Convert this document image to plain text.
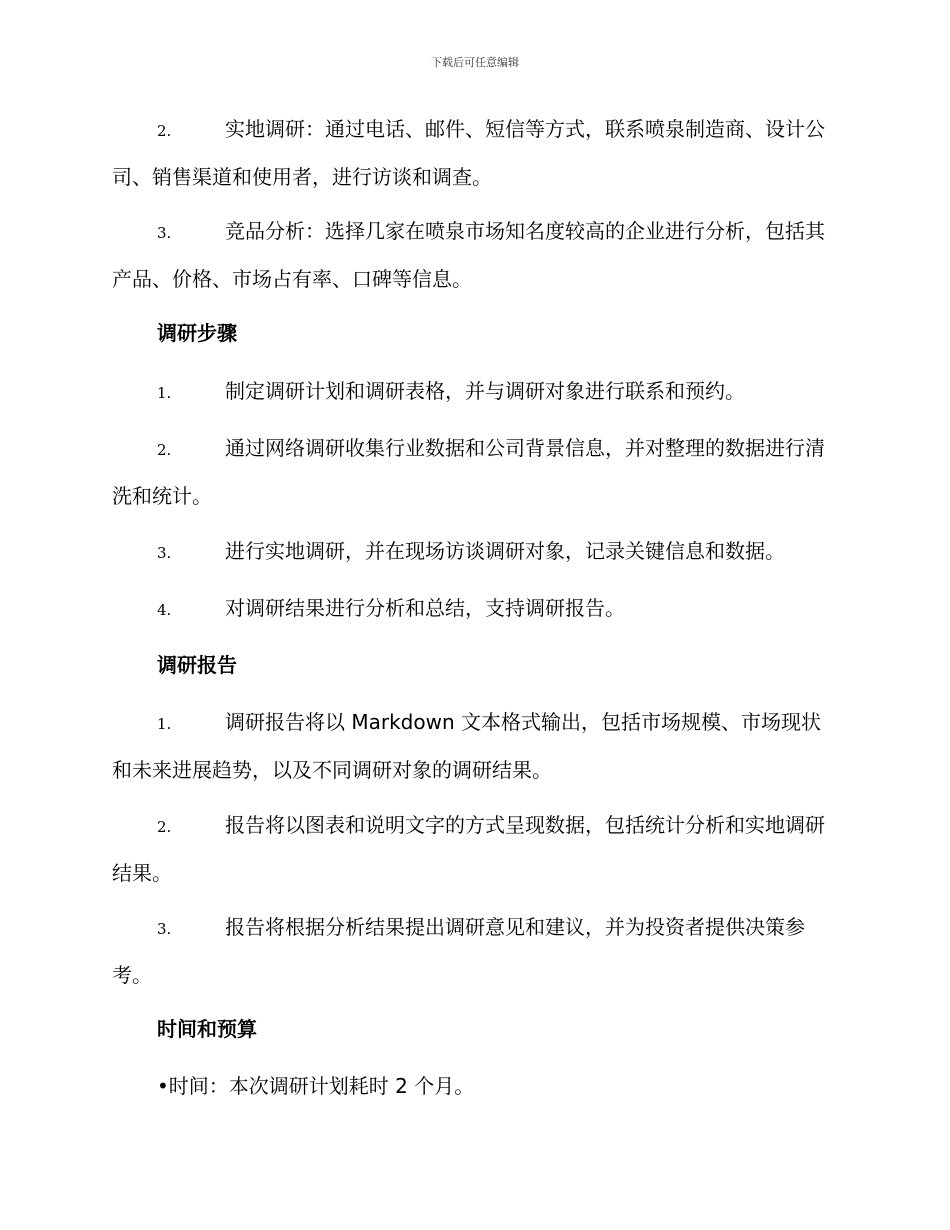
下载后可任意编辑
2.	实地调研：通过电话、邮件、短信等方式，联系喷泉制造商、设计公司、销售渠道和使用者，进行访谈和调查。
3.	竞品分析：选择几家在喷泉市场知名度较高的企业进行分析，包括其产品、价格、市场占有率、口碑等信息。
调研步骤
1.	制定调研计划和调研表格，并与调研对象进行联系和预约。
2.	通过网络调研收集行业数据和公司背景信息，并对整理的数据进行清洗和统计。
3.	进行实地调研，并在现场访谈调研对象，记录关键信息和数据。
4.	对调研结果进行分析和总结，支持调研报告。
调研报告
1.	调研报告将以 Markdown 文本格式输出，包括市场规模、市场现状和未来进展趋势，以及不同调研对象的调研结果。
2.	报告将以图表和说明文字的方式呈现数据，包括统计分析和实地调研结果。
3.	报告将根据分析结果提出调研意见和建议，并为投资者提供决策参考。
时间和预算
•时间：本次调研计划耗时 2 个月。
